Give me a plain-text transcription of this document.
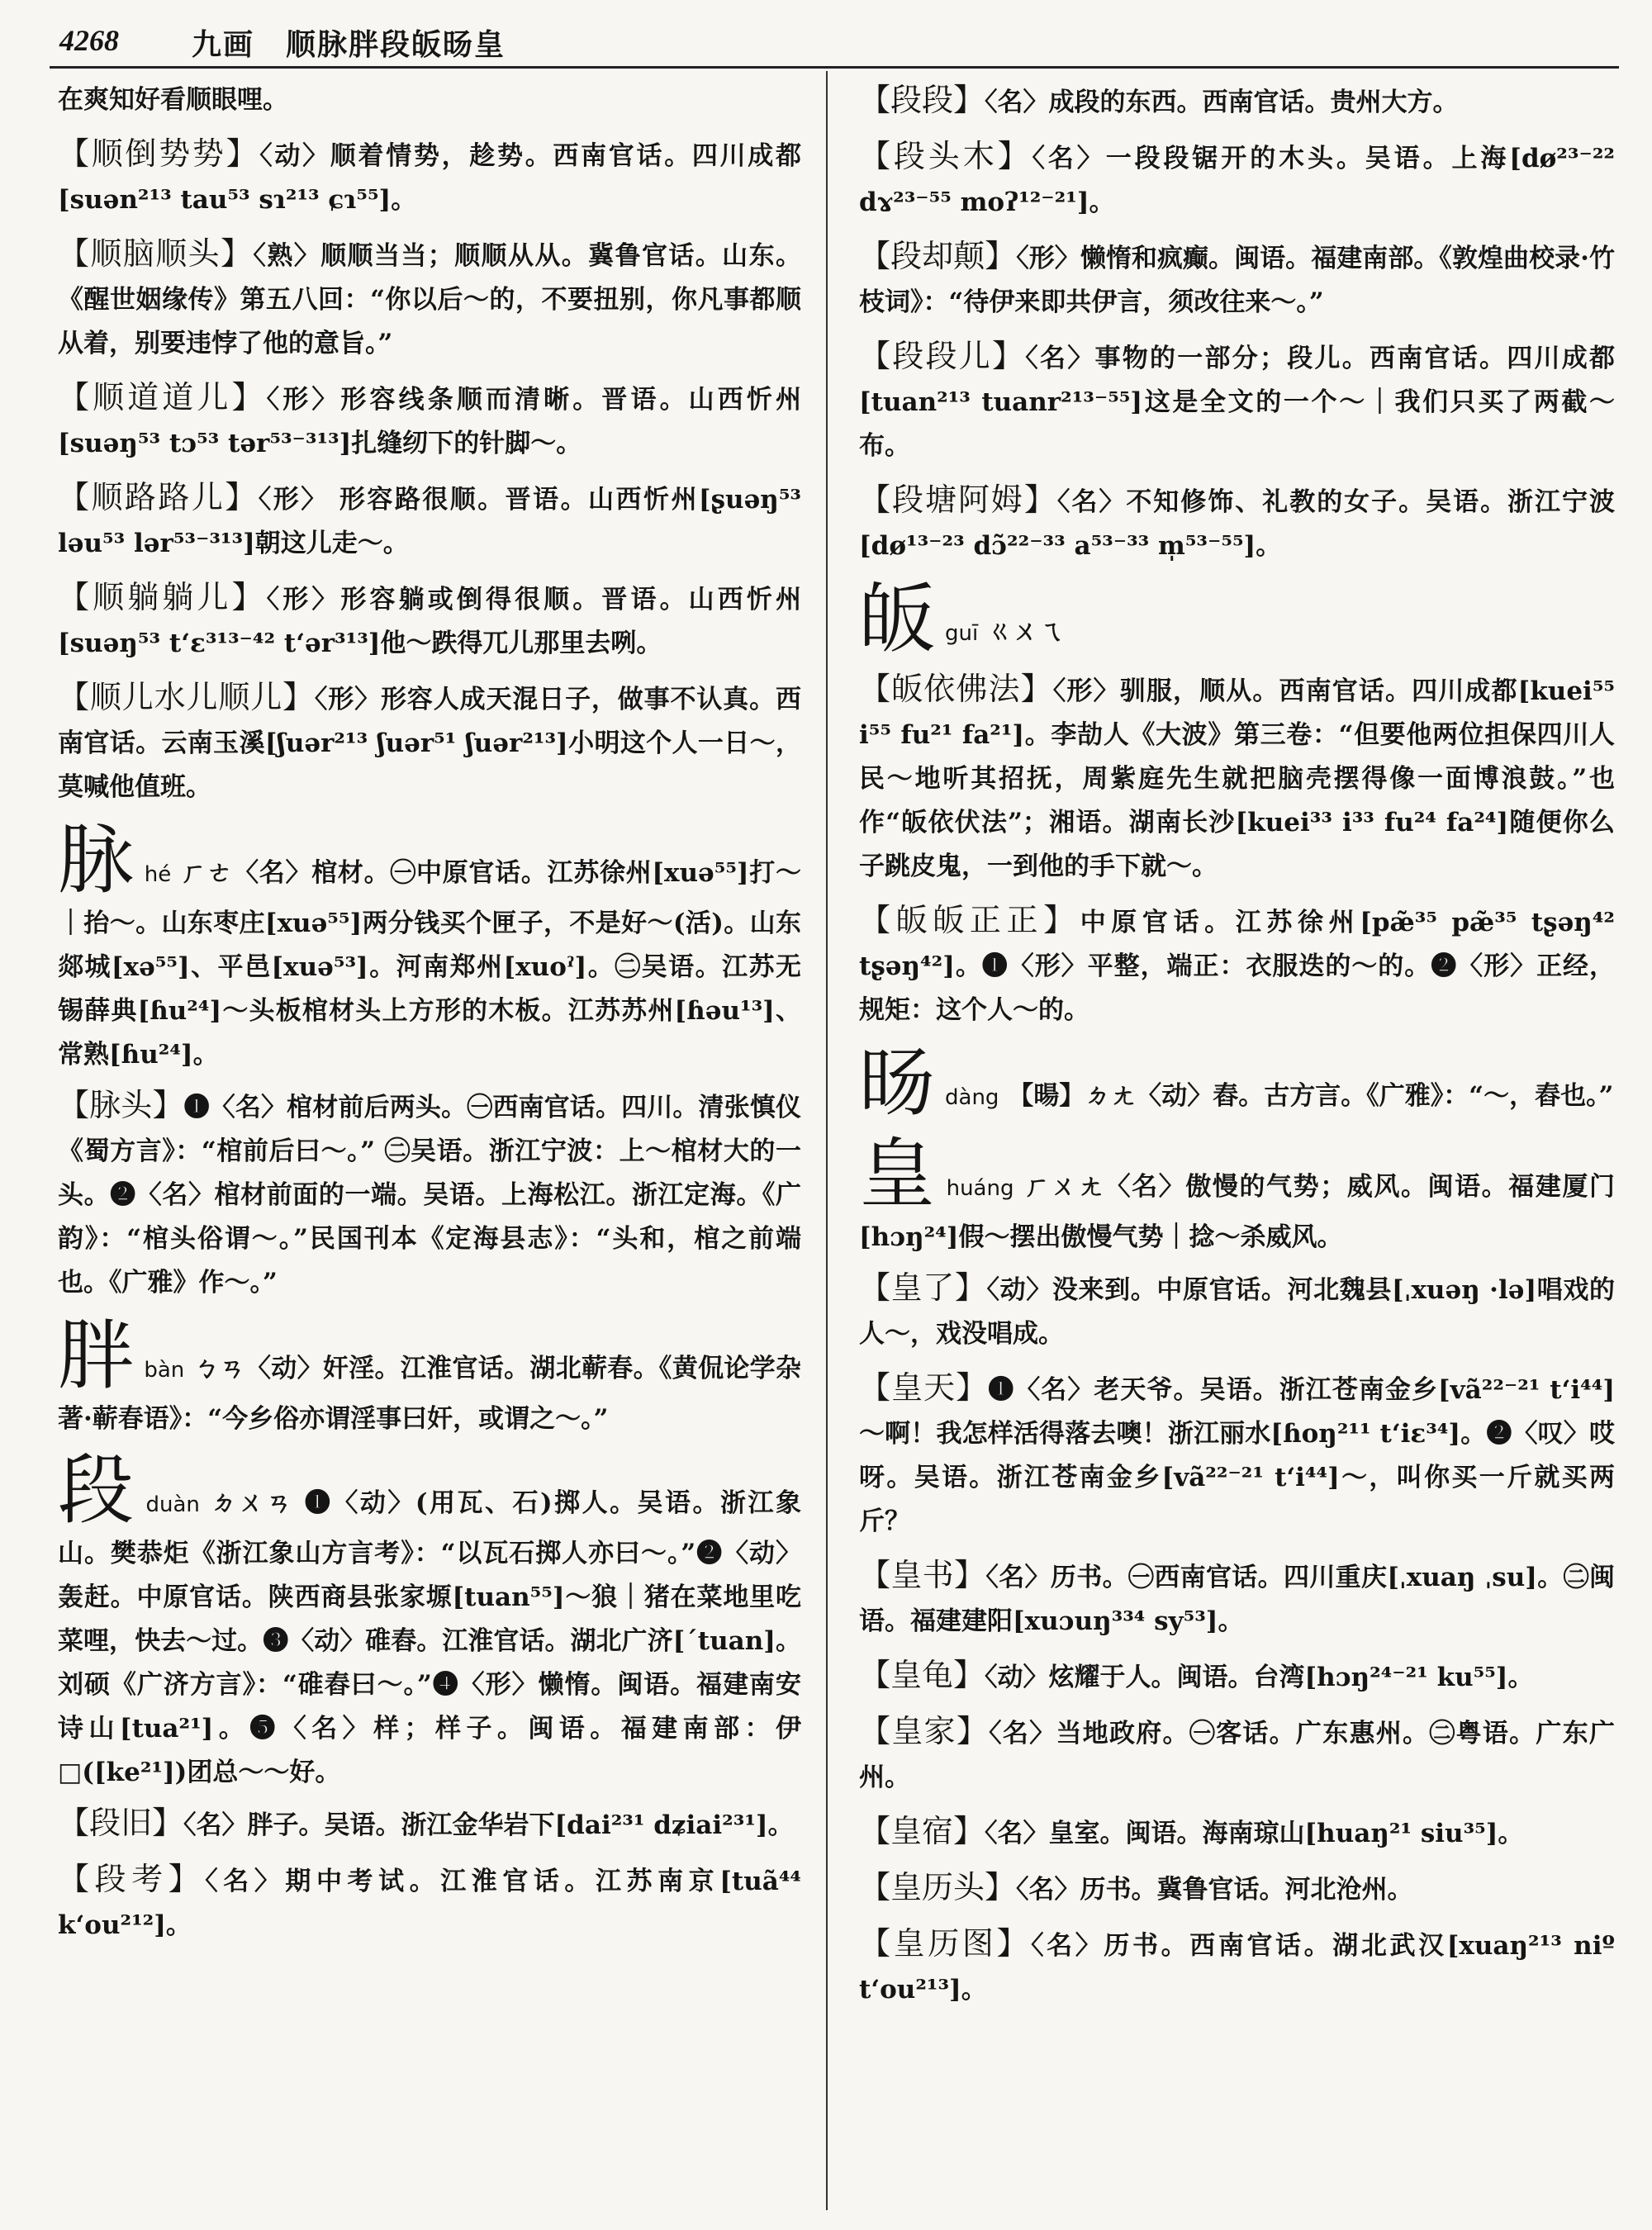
4268 九画　顺脉胖段皈旸皇
在爽知好看顺眼哩。
【顺倒势势】〈动〉顺着情势，趁势。西南官话。四川成都[suən²¹³ tau⁵³ sɿ²¹³ ɕɿ⁵⁵]。
【顺脑顺头】〈熟〉顺顺当当；顺顺从从。冀鲁官话。山东。《醒世姻缘传》第五八回：“你以后～的，不要扭别，你凡事都顺从着，别要违悖了他的意旨。”
【顺道道儿】〈形〉形容线条顺而清晰。晋语。山西忻州[suəŋ⁵³ tɔ⁵³ tər⁵³⁻³¹³]扎缝纫下的针脚～。
【顺路路儿】〈形〉 形容路很顺。晋语。山西忻州[ʂuəŋ⁵³ ləu⁵³ lər⁵³⁻³¹³]朝这儿走～。
【顺躺躺儿】〈形〉形容躺或倒得很顺。晋语。山西忻州[suəŋ⁵³ tʻɛ³¹³⁻⁴² tʻər³¹³]他～跌得兀儿那里去咧。
【顺儿水儿顺儿】〈形〉形容人成天混日子，做事不认真。西南官话。云南玉溪[ʃuər²¹³ ʃuər⁵¹ ʃuər²¹³]小明这个人一日～，莫喊他值班。
脉hé ㄏㄜ〈名〉棺材。㊀中原官话。江苏徐州[xuə⁵⁵]打～｜抬～。山东枣庄[xuə⁵⁵]两分钱买个匣子，不是好～(活)。山东郯城[xə⁵⁵]、平邑[xuə⁵³]。河南郑州[xuoˀ]。㊁吴语。江苏无锡薛典[ɦu²⁴]～头板棺材头上方形的木板。江苏苏州[ɦəu¹³]、常熟[ɦu²⁴]。
【脉头】❶〈名〉棺材前后两头。㊀西南官话。四川。清张慎仪《蜀方言》：“棺前后曰～。” ㊁吴语。浙江宁波：上～棺材大的一头。❷〈名〉棺材前面的一端。吴语。上海松江。浙江定海。《广韵》：“棺头俗谓～。”民国刊本《定海县志》：“头和，棺之前端也。《广雅》作～。”
胖bàn ㄅㄢ〈动〉奸淫。江淮官话。湖北蕲春。《黄侃论学杂著·蕲春语》：“今乡俗亦谓淫事曰奸，或谓之～。”
段duàn ㄉㄨㄢ ❶〈动〉(用瓦、石)掷人。吴语。浙江象山。樊恭炬《浙江象山方言考》：“以瓦石掷人亦曰～。”❷〈动〉轰赶。中原官话。陕西商县张家塬[tuan⁵⁵]～狼｜猪在菜地里吃菜哩，快去～过。❸〈动〉碓舂。江淮官话。湖北广济[ˊtuan]。刘硕《广济方言》：“碓舂曰～。”❹〈形〉懒惰。闽语。福建南安诗山[tua²¹]。❺〈名〉样；样子。闽语。福建南部：伊□([ke²¹])团总～～好。
【段旧】〈名〉胖子。吴语。浙江金华岩下[dai²³¹ dʑiai²³¹]。
【段考】〈名〉期中考试。江淮官话。江苏南京[tuã⁴⁴ kʻou²¹²]。
【段段】〈名〉成段的东西。西南官话。贵州大方。
【段头木】〈名〉一段段锯开的木头。吴语。上海[dø²³⁻²² dɤ²³⁻⁵⁵ moʔ¹²⁻²¹]。
【段却颠】〈形〉懒惰和疯癫。闽语。福建南部。《敦煌曲校录·竹枝词》：“待伊来即共伊言，须改往来～。”
【段段儿】〈名〉事物的一部分；段儿。西南官话。四川成都[tuan²¹³ tuanr²¹³⁻⁵⁵]这是全文的一个～｜我们只买了两截～布。
【段塘阿姆】〈名〉不知修饰、礼教的女子。吴语。浙江宁波[dø¹³⁻²³ dɔ̃²²⁻³³ a⁵³⁻³³ m̩⁵³⁻⁵⁵]。
皈guī ㄍㄨㄟ
【皈依佛法】〈形〉驯服，顺从。西南官话。四川成都[kuei⁵⁵ i⁵⁵ fu²¹ fa²¹]。李劼人《大波》第三卷：“但要他两位担保四川人民～地听其招抚，周紫庭先生就把脑壳摆得像一面博浪鼓。”也作“皈依伏法”；湘语。湖南长沙[kuei³³ i³³ fu²⁴ fa²⁴]随便你么子跳皮鬼，一到他的手下就～。
【皈皈正正】中原官话。江苏徐州[pæ̃³⁵ pæ̃³⁵ tʂəŋ⁴² tʂəŋ⁴²]。❶〈形〉平整，端正：衣服迭的～的。❷〈形〉正经，规矩：这个人～的。
旸dàng 【暘】ㄉㄤ〈动〉舂。古方言。《广雅》：“～，舂也。”
皇huáng ㄏㄨㄤ〈名〉傲慢的气势；威风。闽语。福建厦门[hɔŋ²⁴]假～摆出傲慢气势｜捻～杀威风。
【皇了】〈动〉没来到。中原官话。河北魏县[ˌxuəŋ ·lə]唱戏的人～，戏没唱成。
【皇天】❶〈名〉老天爷。吴语。浙江苍南金乡[vã²²⁻²¹ tʻi⁴⁴]～啊！我怎样活得落去噢！浙江丽水[ɦoŋ²¹¹ tʻiɛ³⁴]。❷〈叹〉哎呀。吴语。浙江苍南金乡[vã²²⁻²¹ tʻi⁴⁴]～，叫你买一斤就买两斤？
【皇书】〈名〉历书。㊀西南官话。四川重庆[ˌxuaŋ ˌsu]。㊁闽语。福建建阳[xuɔuŋ³³⁴ sy⁵³]。
【皇龟】〈动〉炫耀于人。闽语。台湾[hɔŋ²⁴⁻²¹ ku⁵⁵]。
【皇家】〈名〉当地政府。㊀客话。广东惠州。㊁粤语。广东广州。
【皇宿】〈名〉皇室。闽语。海南琼山[huaŋ²¹ siu³⁵]。
【皇历头】〈名〉历书。冀鲁官话。河北沧州。
【皇历图】〈名〉历书。西南官话。湖北武汉[xuaŋ²¹³ niº tʻou²¹³]。
